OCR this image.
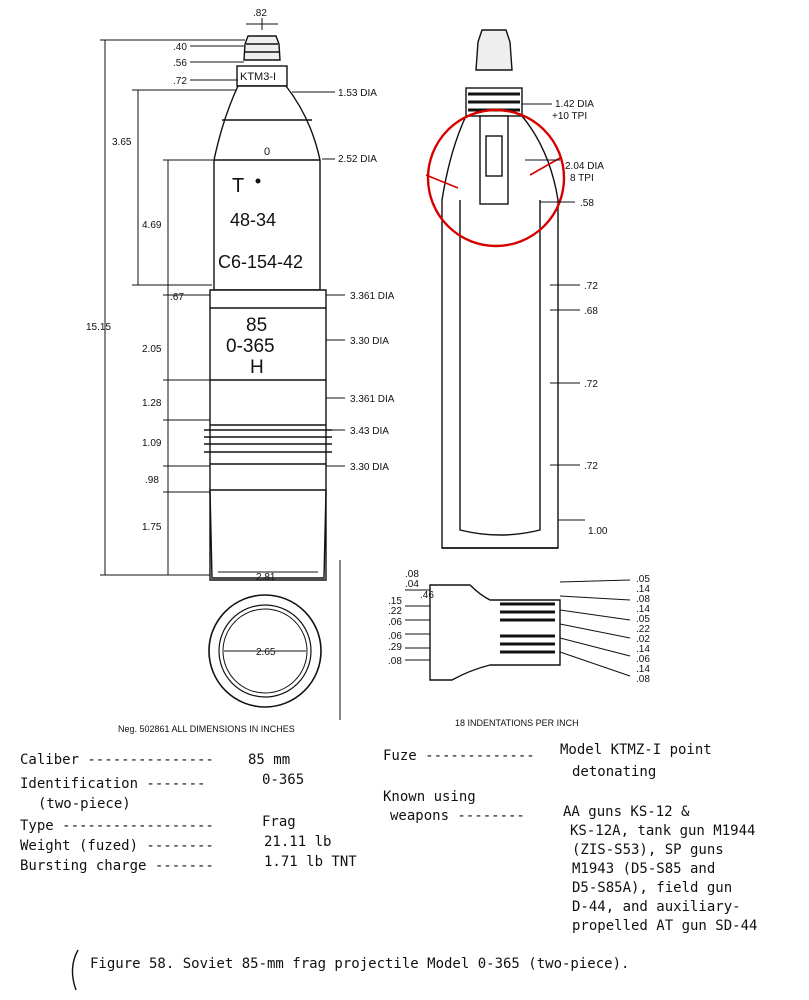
T
48-34
C6-154-42
85
0-365
H
KTM3-I
0
.82
.40
.56
.72
3.65
4.69
.67
2.05
1.28
1.09
.98
1.75
15.15
1.53 DIA
2.52 DIA
3.361 DIA
3.30 DIA
3.361 DIA
3.43 DIA
3.30 DIA
2.81
2.65
1.42 DIA
+10 TPI
2.04 DIA
8 TPI
.58
.72
.68
.72
.72
1.00
.08
.04
.46
.15
.22
.06
.06
.29
.08
.05
.14
.08
.14
.05
.22
.02
.14
.06
.14
.08
Neg. 502861 ALL DIMENSIONS IN INCHES
18 INDENTATIONS PER INCH
Caliber --------------- 85 mm
Identification -------	0-365
(two-piece)
Type ------------------	Frag
Weight (fuzed) --------	21.11 lb
Bursting charge -------	1.71 lb TNT
Fuze ------------- Model KTMZ-I point
detonating
Known using
weapons --------	AA guns KS-12 &
KS-12A, tank gun M1944
(ZIS-S53), SP guns
M1943 (D5-S85 and
D5-S85A), field gun
D-44, and auxiliary-
propelled AT gun SD-44
Figure 58. Soviet 85-mm frag projectile Model 0-365 (two-piece).
